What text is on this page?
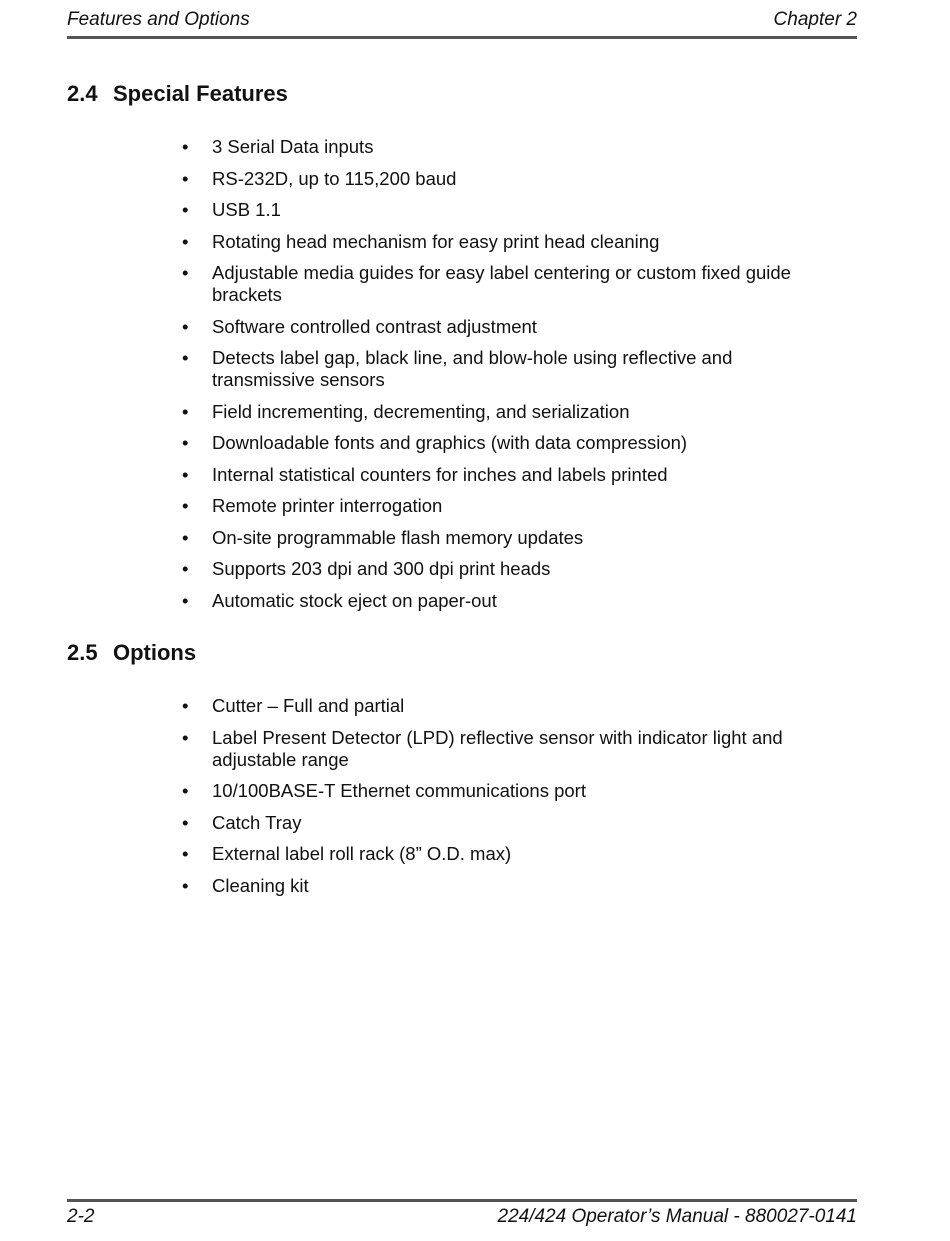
Features and Options	Chapter 2
2.4 Special Features
• 3 Serial Data inputs
• RS-232D, up to 115,200 baud
• USB 1.1
• Rotating head mechanism for easy print head cleaning
• Adjustable media guides for easy label centering or custom fixed guide brackets
• Software controlled contrast adjustment
• Detects label gap, black line, and blow-hole using reflective and transmissive sensors
• Field incrementing, decrementing, and serialization
• Downloadable fonts and graphics (with data compression)
• Internal statistical counters for inches and labels printed
• Remote printer interrogation
• On-site programmable flash memory updates
• Supports 203 dpi and 300 dpi print heads
• Automatic stock eject on paper-out
2.5 Options
• Cutter – Full and partial
• Label Present Detector (LPD) reflective sensor with indicator light and adjustable range
• 10/100BASE-T Ethernet communications port
• Catch Tray
• External label roll rack (8” O.D. max)
• Cleaning kit
2-2	224/424 Operator’s Manual - 880027-0141
